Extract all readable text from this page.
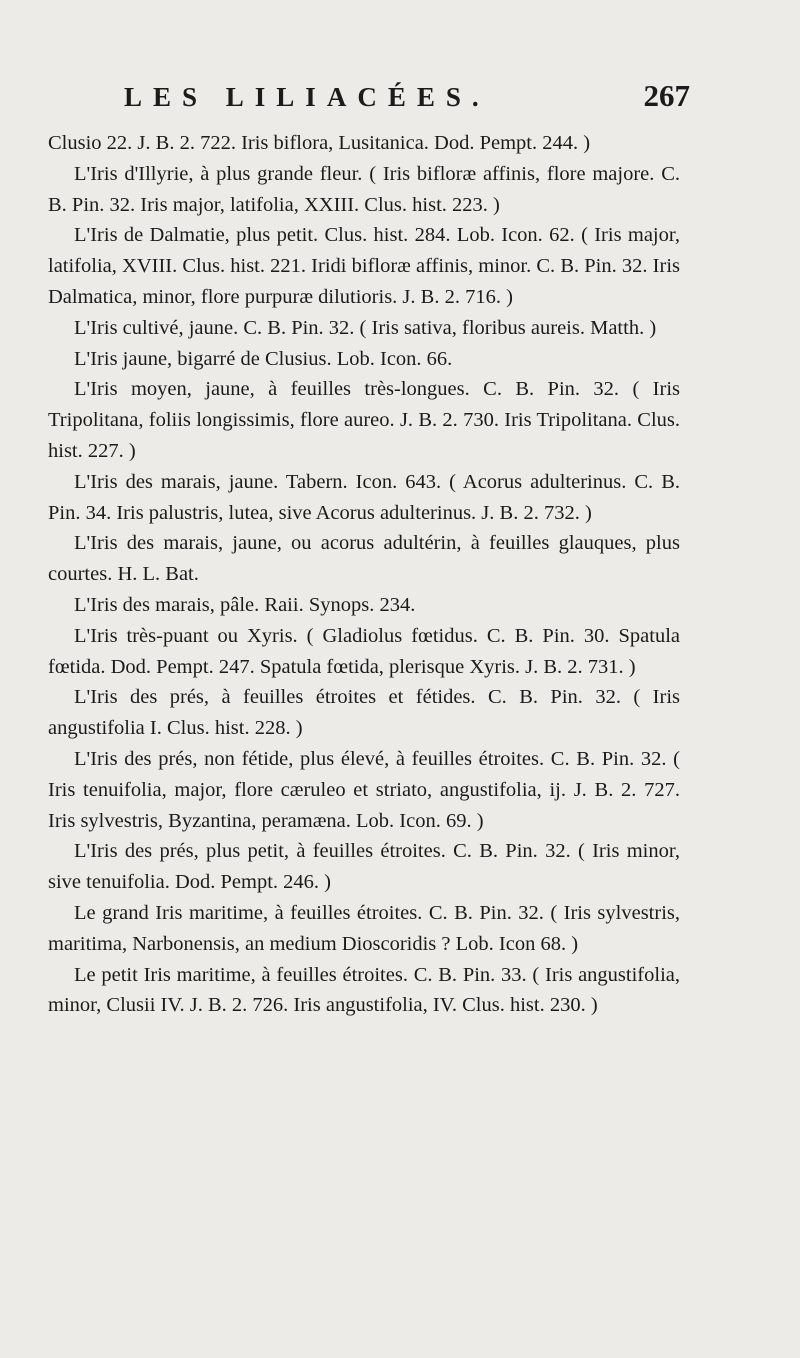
LES LILIACÉES.	267

Clusio 22. J. B. 2. 722. Iris biflora, Lusitanica. Dod. Pempt. 244. )

L'Iris d'Illyrie, à plus grande fleur. ( Iris bifloræ affinis, flore majore. C. B. Pin. 32. Iris major, latifolia, XXIII. Clus. hist. 223. )

L'Iris de Dalmatie, plus petit. Clus. hist. 284. Lob. Icon. 62. ( Iris major, latifolia, XVIII. Clus. hist. 221. Iridi bifloræ affinis, minor. C. B. Pin. 32. Iris Dalmatica, minor, flore purpuræ dilutioris. J. B. 2. 716. )

L'Iris cultivé, jaune. C. B. Pin. 32. ( Iris sativa, floribus aureis. Matth. )

L'Iris jaune, bigarré de Clusius. Lob. Icon. 66.

L'Iris moyen, jaune, à feuilles très-longues. C. B. Pin. 32. ( Iris Tripolitana, foliis longissimis, flore aureo. J. B. 2. 730. Iris Tripolitana. Clus. hist. 227. )

L'Iris des marais, jaune. Tabern. Icon. 643. ( Acorus adulterinus. C. B. Pin. 34. Iris palustris, lutea, sive Acorus adulterinus. J. B. 2. 732. )

L'Iris des marais, jaune, ou acorus adultérin, à feuilles glauques, plus courtes. H. L. Bat.

L'Iris des marais, pâle. Raii. Synops. 234.

L'Iris très-puant ou Xyris. ( Gladiolus fœtidus. C. B. Pin. 30. Spatula fœtida. Dod. Pempt. 247. Spatula fœtida, plerisque Xyris. J. B. 2. 731. )

L'Iris des prés, à feuilles étroites et fétides. C. B. Pin. 32. ( Iris angustifolia I. Clus. hist. 228. )

L'Iris des prés, non fétide, plus élevé, à feuilles étroites. C. B. Pin. 32. ( Iris tenuifolia, major, flore cæruleo et striato, angustifolia, ij. J. B. 2. 727. Iris sylvestris, Byzantina, peramæna. Lob. Icon. 69. )

L'Iris des prés, plus petit, à feuilles étroites. C. B. Pin. 32. ( Iris minor, sive tenuifolia. Dod. Pempt. 246. )

Le grand Iris maritime, à feuilles étroites. C. B. Pin. 32. ( Iris sylvestris, maritima, Narbonensis, an medium Dioscoridis ? Lob. Icon 68. )

Le petit Iris maritime, à feuilles étroites. C. B. Pin. 33. ( Iris angustifolia, minor, Clusii IV. J. B. 2. 726. Iris angustifolia, IV. Clus. hist. 230. )
